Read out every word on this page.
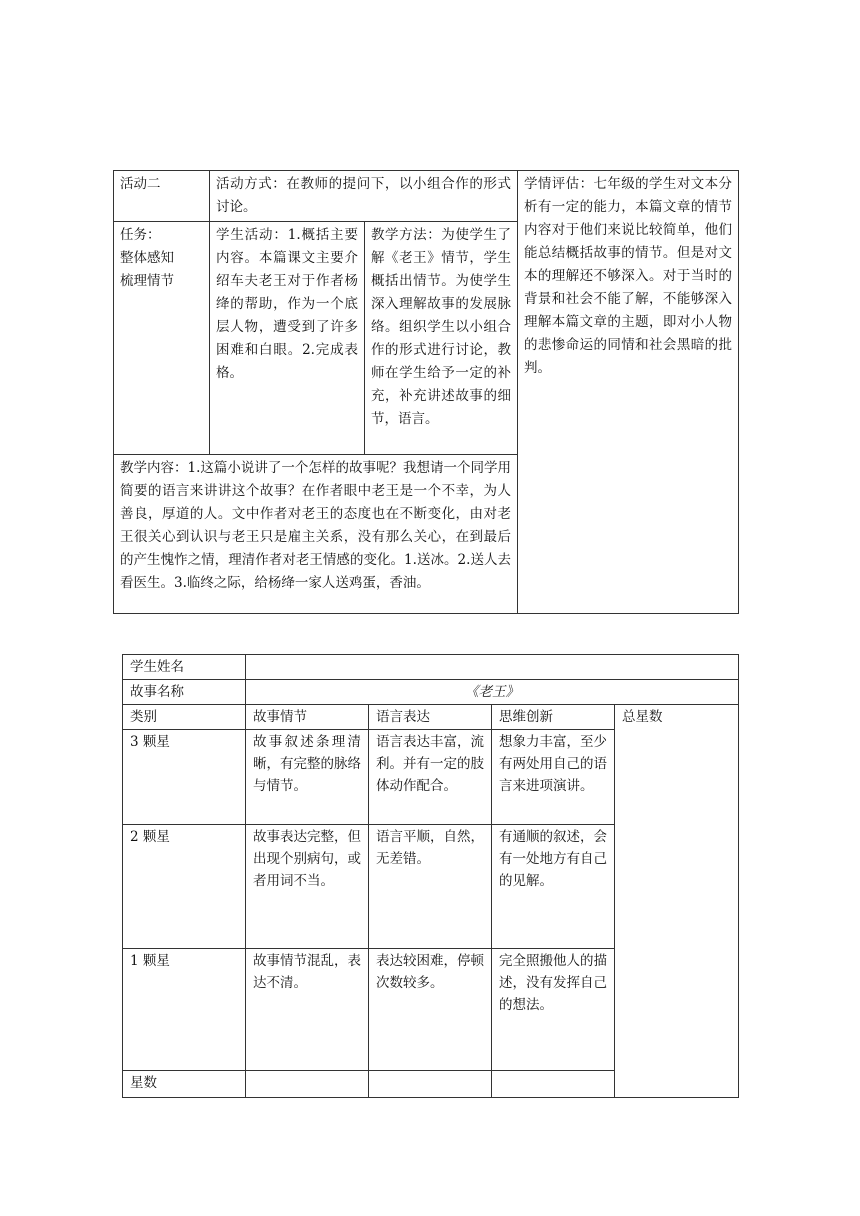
活动二	活动方式：在教师的提问下，以小组合作的形式讨论。		学情评估：七年级的学生对文本分析有一定的能力，本篇文章的情节内容对于他们来说比较简单，他们能总结概括故事的情节。但是对文本的理解还不够深入。对于当时的背景和社会不能了解，不能够深入理解本篇文章的主题，即对小人物的悲惨命运的同情和社会黑暗的批判。

任务：
整体感知
梳理情节	学生活动：1.概括主要内容。本篇课文主要介绍车夫老王对于作者杨绛的帮助，作为一个底层人物，遭受到了许多困难和白眼。2.完成表格。	教学方法：为使学生了解《老王》情节，学生概括出情节。为使学生深入理解故事的发展脉络。组织学生以小组合作的形式进行讨论，教师在学生给予一定的补充，补充讲述故事的细节，语言。	
教学内容：1.这篇小说讲了一个怎样的故事呢？我想请一个同学用简要的语言来讲讲这个故事？在作者眼中老王是一个不幸，为人善良，厚道的人。文中作者对老王的态度也在不断变化，由对老王很关心到认识与老王只是雇主关系，没有那么关心，在到最后的产生愧怍之情，理清作者对老王情感的变化。1.送冰。2.送人去看医生。3.临终之际，给杨绛一家人送鸡蛋，香油。			
学生姓名					
故事名称	《老王》				
类别	故事情节	语言表达	思维创新	总星数	
3 颗星	故事叙述条理清晰，有完整的脉络与情节。	语言表达丰富，流利。并有一定的肢体动作配合。	想象力丰富，至少有两处用自己的语言来进项演讲。		
2 颗星	故事表达完整，但出现个别病句，或者用词不当。	语言平顺，自然，无差错。	有通顺的叙述，会有一处地方有自己的见解。		
1 颗星	故事情节混乱，表达不清。	表达较困难，停顿次数较多。	完全照搬他人的描述，没有发挥自己的想法。		
星数					
